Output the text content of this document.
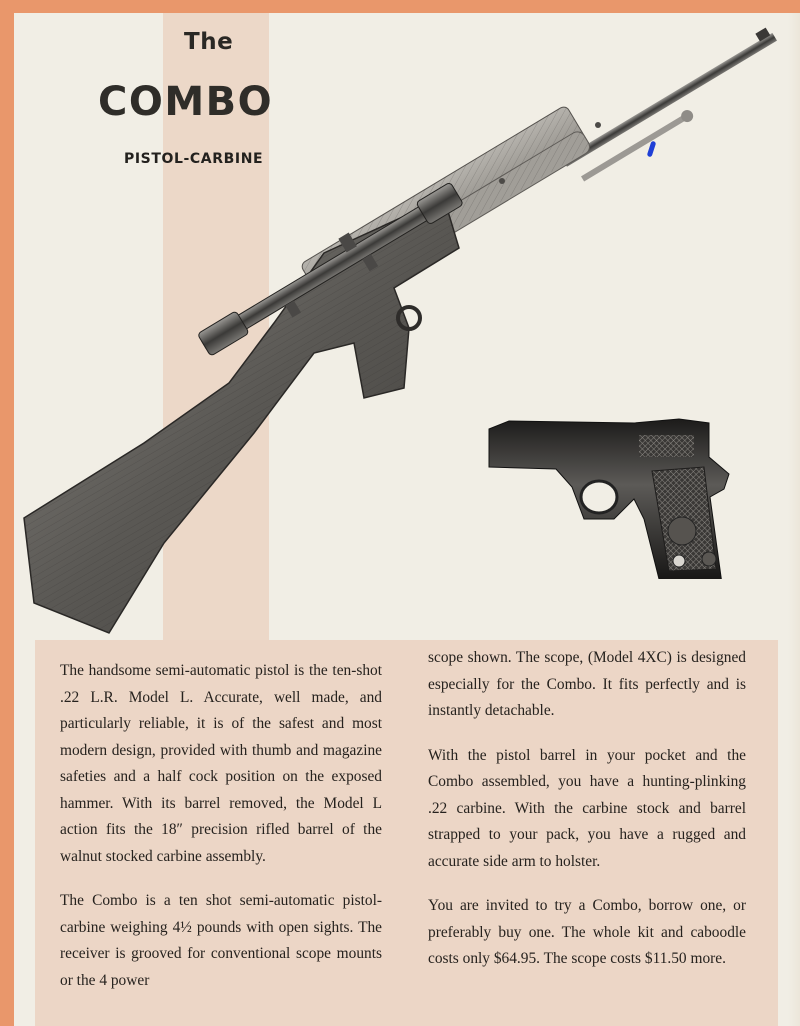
The
COMBO
PISTOL-CARBINE

The handsome semi-automatic pistol is the ten-shot .22 L.R. Model L. Accurate, well made, and particularly reliable, it is of the safest and most modern design, provided with thumb and magazine safeties and a half cock position on the exposed hammer. With its barrel removed, the Model L action fits the 18″ precision rifled barrel of the walnut stocked carbine assembly.

The Combo is a ten shot semi-automatic pistol-carbine weighing 4½ pounds with open sights. The receiver is grooved for conventional scope mounts or the 4 power

scope shown. The scope, (Model 4XC) is designed especially for the Combo. It fits perfectly and is instantly detachable.

With the pistol barrel in your pocket and the Combo assembled, you have a hunting-plinking .22 carbine. With the carbine stock and barrel strapped to your pack, you have a rugged and accurate side arm to holster.

You are invited to try a Combo, borrow one, or preferably buy one. The whole kit and caboodle costs only $64.95. The scope costs $11.50 more.
